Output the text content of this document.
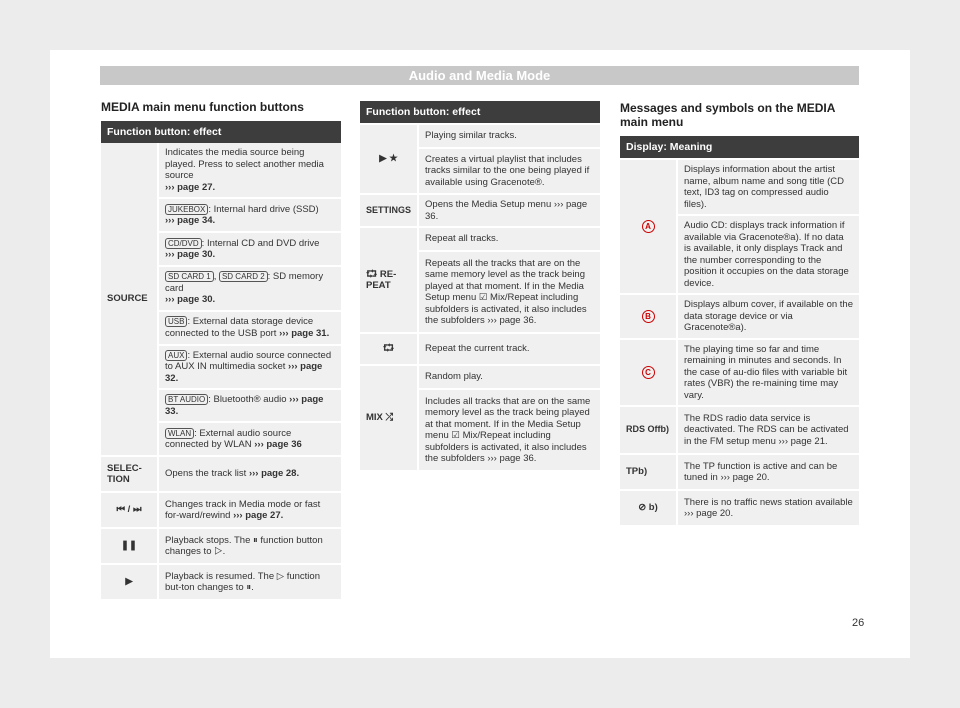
Audio and Media Mode
MEDIA main menu function buttons
Function button: effect	
SOURCE	Indicates the media source being played. Press to select another media source
››› page 27.
	JUKEBOX : Internal hard drive (SSD)
››› page 34.
	CD/DVD : Internal CD and DVD drive
››› page 30.
	SD CARD 1 , SD CARD 2 : SD memory card
››› page 30.
	USB : External data storage device connected to the USB port ››› page 31.
	AUX : External audio source connected to AUX IN multimedia socket ››› page 32.
	BT AUDIO : Bluetooth® audio ››› page 33.
	WLAN : External audio source connected by WLAN ››› page 36
SELEC-TION	Opens the track list ››› page 28.
⏮ / ⏭	Changes track in Media mode or fast for-ward/rewind ››› page 27.
❚❚	Playback stops. The ⏸ function button changes to ▷.
▶	Playback is resumed. The ▷ function but-ton changes to ⏸.
Function button: effect	
▶ ★	Playing similar tracks.
	Creates a virtual playlist that includes tracks similar to the one being played if available using Gracenote®.
SETTINGS	Opens the Media Setup menu ››› page 36.
⮔ RE-PEAT	Repeat all tracks.
	Repeats all the tracks that are on the same memory level as the track being played at that moment. If in the Media Setup menu ☑ Mix/Repeat including subfolders is activated, it also includes the subfolders ››› page 36.
⮔	Repeat the current track.
MIX ⤮	Random play.
	Includes all tracks that are on the same memory level as the track being played at that moment. If in the Media Setup menu ☑ Mix/Repeat including subfolders is activated, it also includes the subfolders ››› page 36.
Messages and symbols on the MEDIA main menu
Display: Meaning	
A	Displays information about the artist name, album name and song title (CD text, ID3 tag on compressed audio files).
	Audio CD: displays track information if available via Gracenote®a). If no data is available, it only displays Track and the number corresponding to the position it occupies on the data storage device.
B	Displays album cover, if available on the data storage device or via Gracenote®a).
C	The playing time so far and time remaining in minutes and seconds. In the case of au-dio files with variable bit rates (VBR) the re-maining time may vary.
RDS Offb)	The RDS radio data service is deactivated. The RDS can be activated in the FM setup menu ››› page 21.
TPb)	The TP function is active and can be tuned in ››› page 20.
⊘ b)	There is no traffic news station available ››› page 20.
26
